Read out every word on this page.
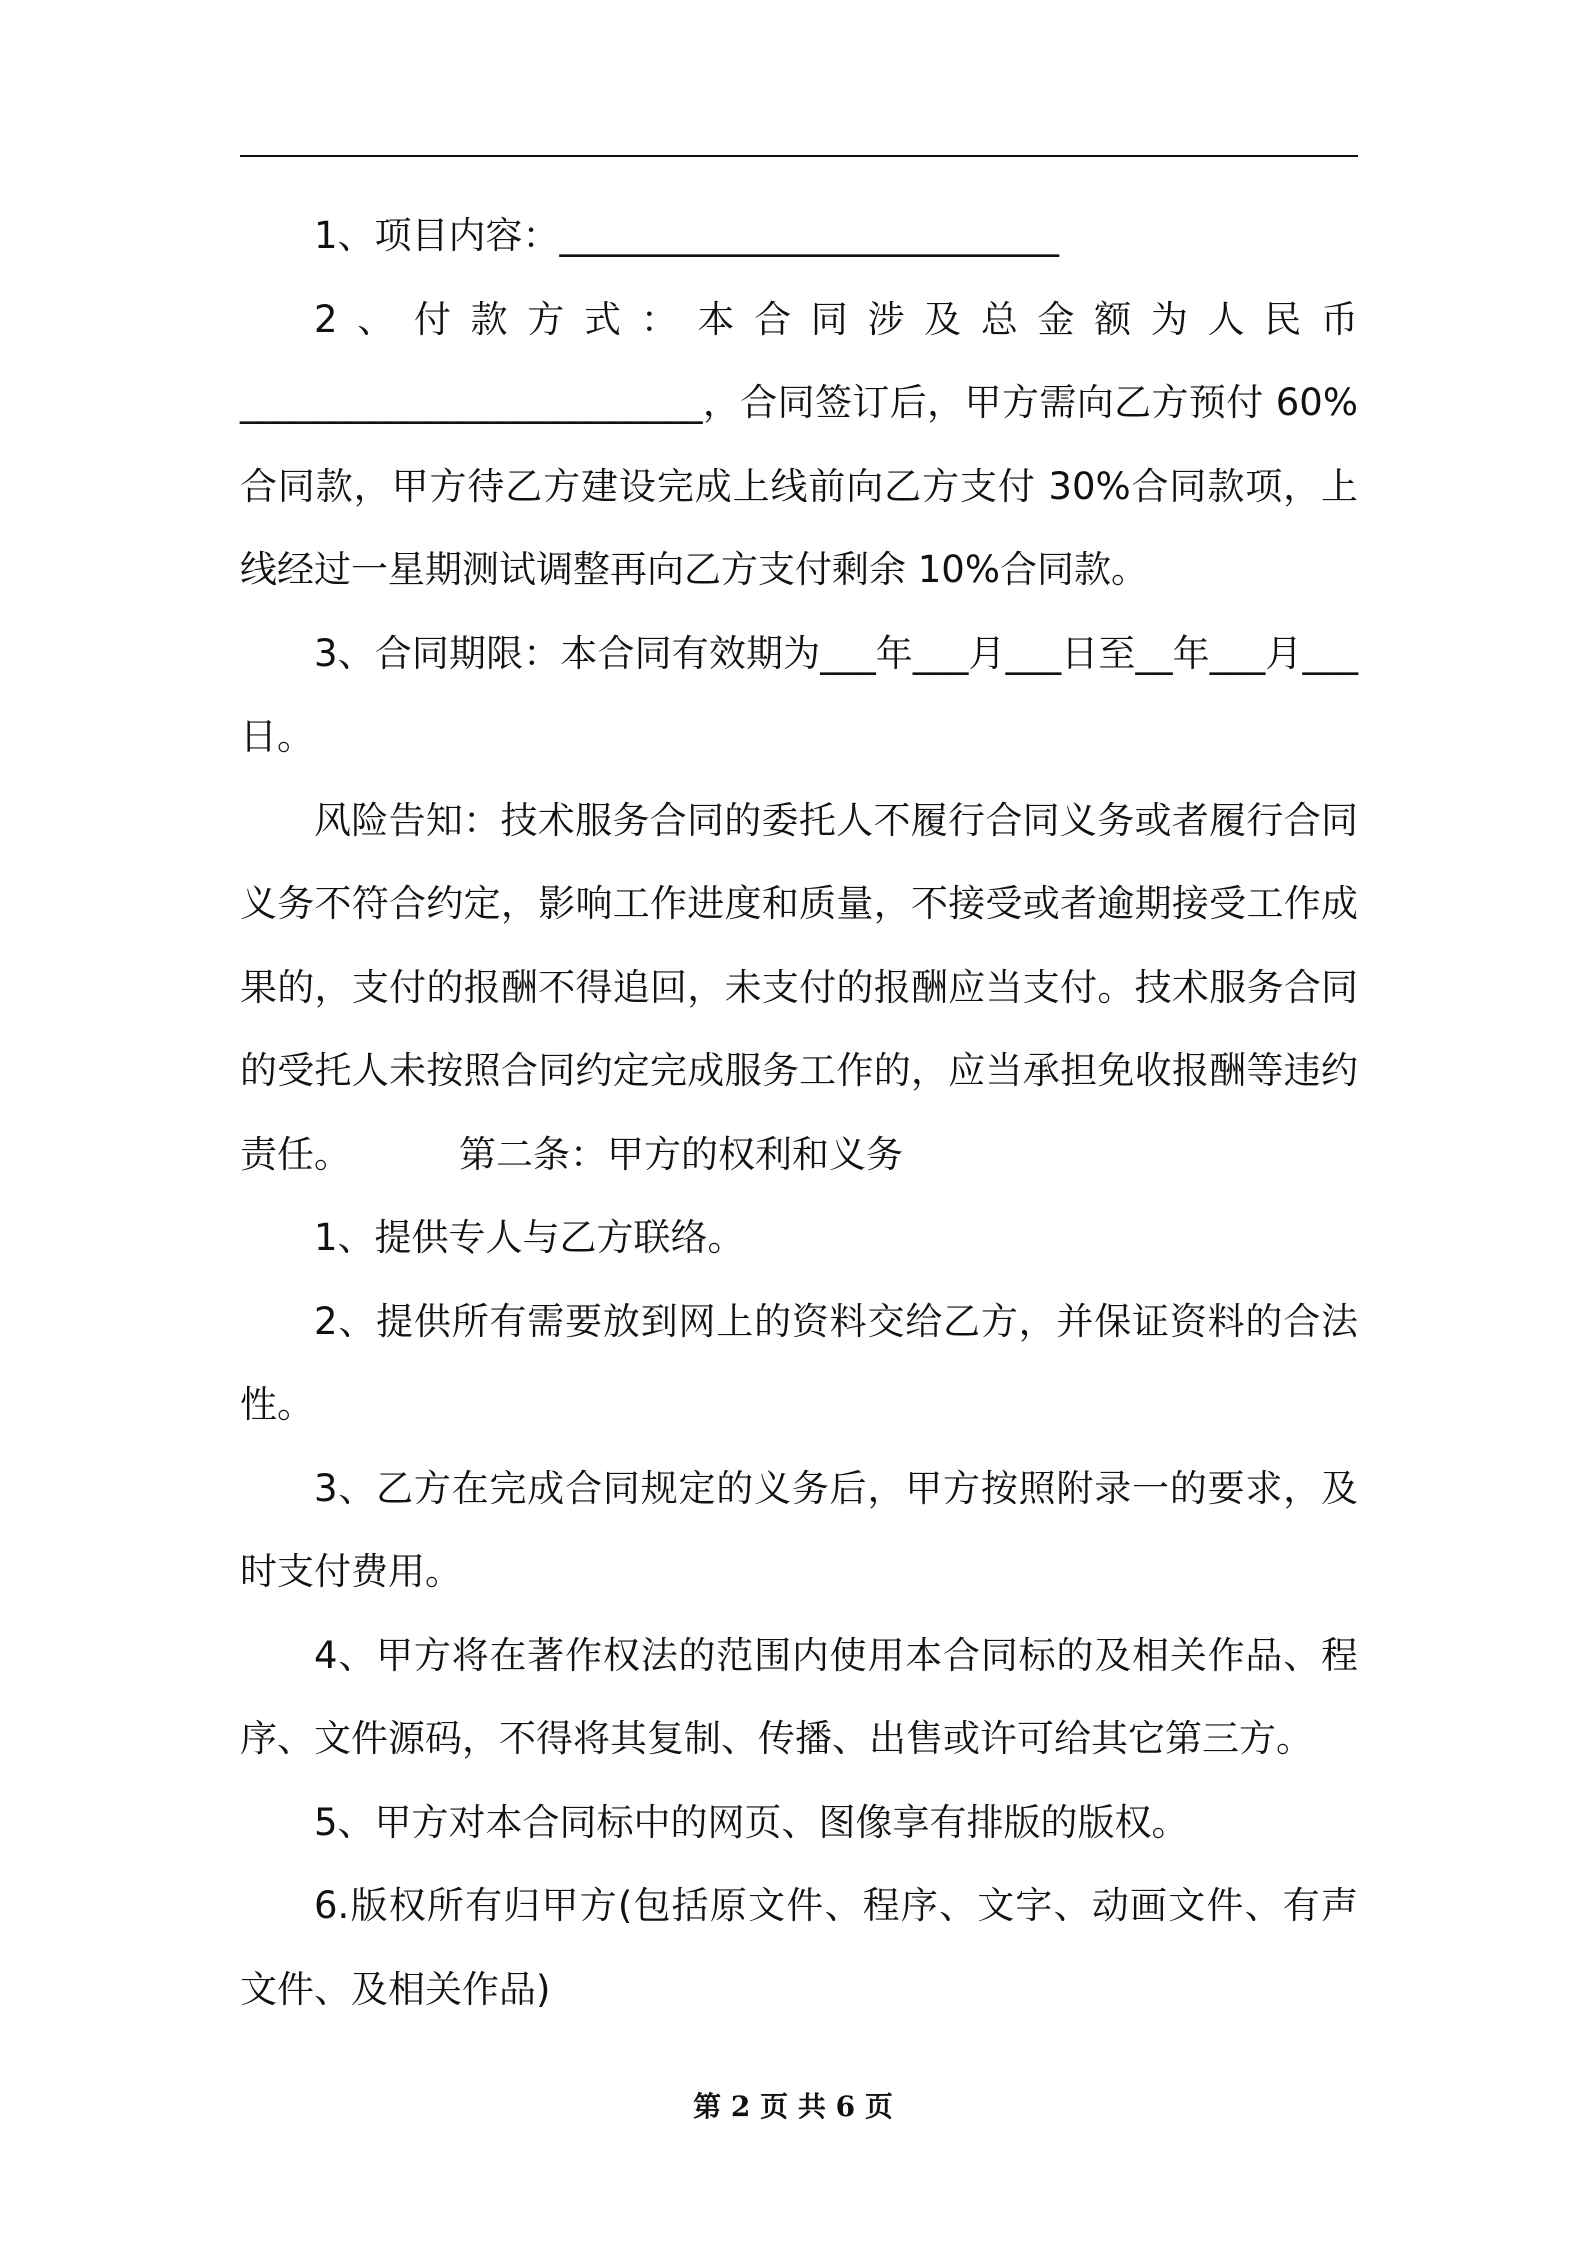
1、项目内容：___________________________

2、付款方式：本合同涉及总金额为人民币

_________________________，合同签订后，甲方需向乙方预付 60%合同款，甲方待乙方建设完成上线前向乙方支付 30%合同款项，上线经过一星期测试调整再向乙方支付剩余 10%合同款。

3、合同期限：本合同有效期为___年___月___日至__年___月___日。

风险告知：技术服务合同的委托人不履行合同义务或者履行合同义务不符合约定，影响工作进度和质量，不接受或者逾期接受工作成果的，支付的报酬不得追回，未支付的报酬应当支付。技术服务合同的受托人未按照合同约定完成服务工作的，应当承担免收报酬等违约责任。	第二条：甲方的权利和义务

1、提供专人与乙方联络。

2、提供所有需要放到网上的资料交给乙方，并保证资料的合法性。

3、乙方在完成合同规定的义务后，甲方按照附录一的要求，及时支付费用。

4、甲方将在著作权法的范围内使用本合同标的及相关作品、程序、文件源码，不得将其复制、传播、出售或许可给其它第三方。

5、甲方对本合同标中的网页、图像享有排版的版权。

6.版权所有归甲方(包括原文件、程序、文字、动画文件、有声文件、及相关作品)

第 2 页 共 6 页
